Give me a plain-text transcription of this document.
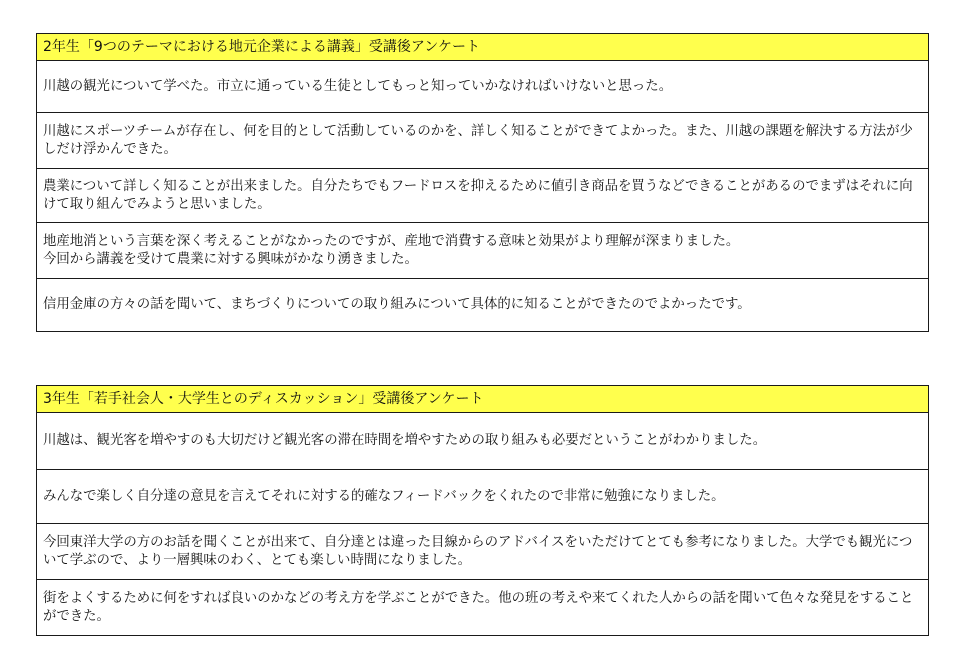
2年生「9つのテーマにおける地元企業による講義」受講後アンケート
川越の観光について学べた。市立に通っている生徒としてもっと知っていかなければいけないと思った。
川越にスポーツチームが存在し、何を目的として活動しているのかを、詳しく知ることができてよかった。また、川越の課題を解決する方法が少しだけ浮かんできた。
農業について詳しく知ることが出来ました。自分たちでもフードロスを抑えるために値引き商品を買うなどできることがあるのでまずはそれに向けて取り組んでみようと思いました。
地産地消という言葉を深く考えることがなかったのですが、産地で消費する意味と効果がより理解が深まりました。
今回から講義を受けて農業に対する興味がかなり湧きました。
信用金庫の方々の話を聞いて、まちづくりについての取り組みについて具体的に知ることができたのでよかったです。
3年生「若手社会人・大学生とのディスカッション」受講後アンケート
川越は、観光客を増やすのも大切だけど観光客の滞在時間を増やすための取り組みも必要だということがわかりました。
みんなで楽しく自分達の意見を言えてそれに対する的確なフィードバックをくれたので非常に勉強になりました。
今回東洋大学の方のお話を聞くことが出来て、自分達とは違った目線からのアドバイスをいただけてとても参考になりました。大学でも観光について学ぶので、より一層興味のわく、とても楽しい時間になりました。
街をよくするために何をすれば良いのかなどの考え方を学ぶことができた。他の班の考えや来てくれた人からの話を聞いて色々な発見をすることができた。
